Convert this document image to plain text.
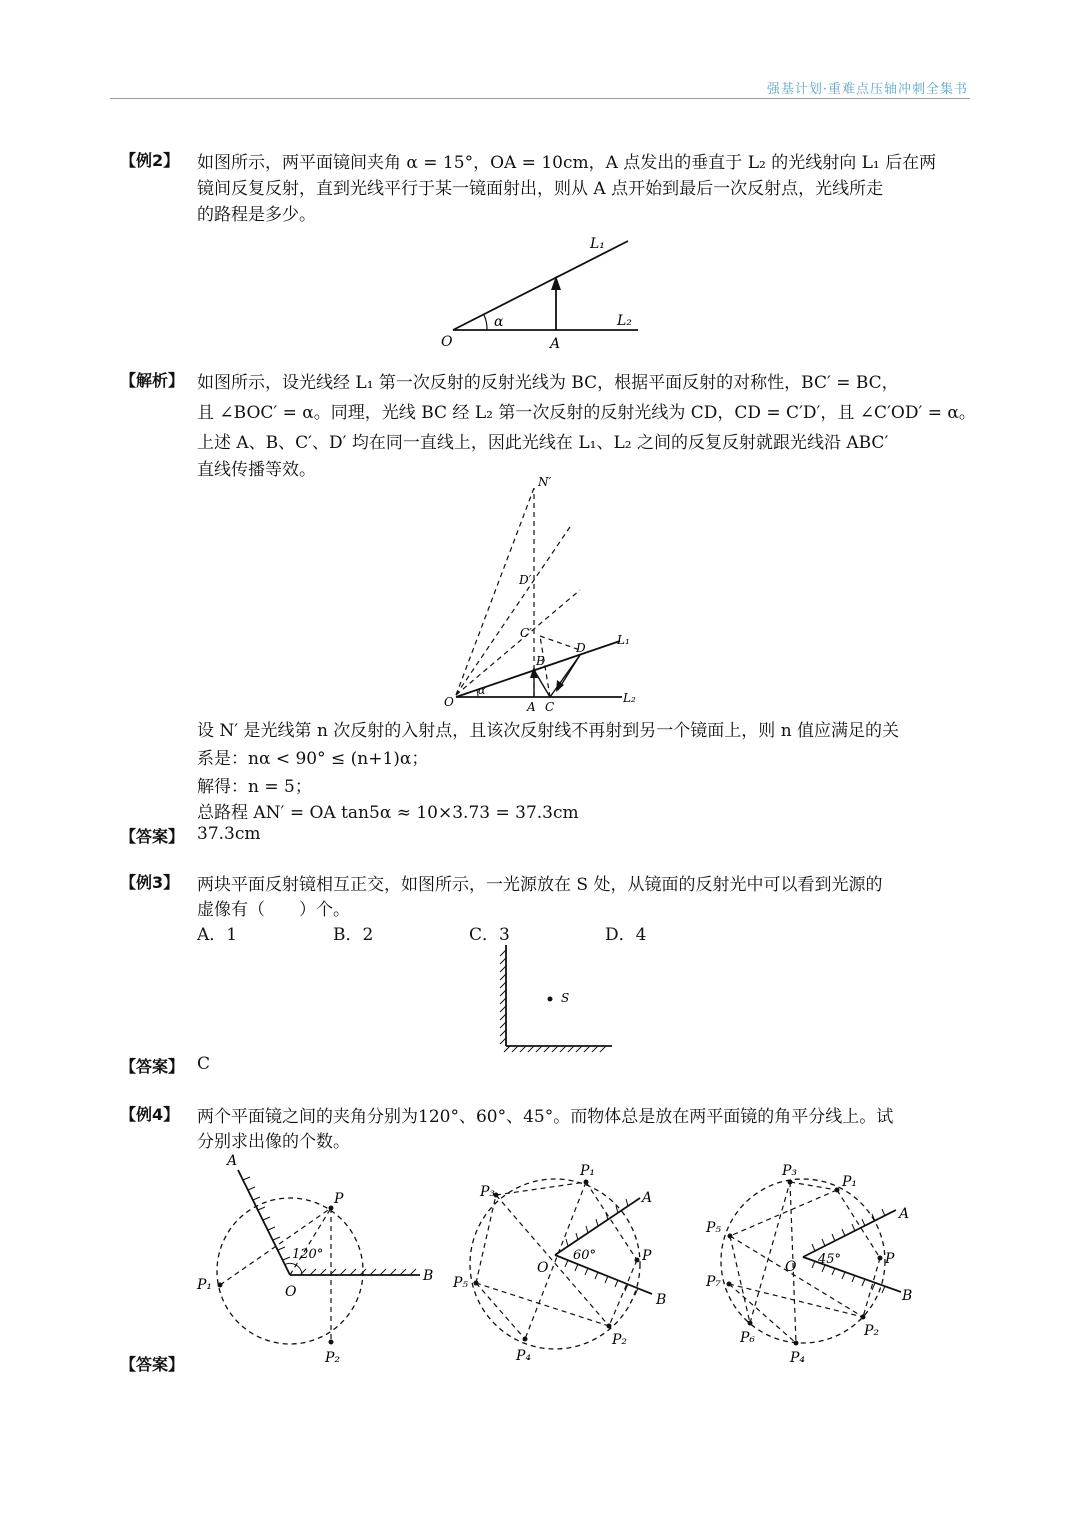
强基计划·重难点压轴冲刺全集书
【例2】 如图所示，两平面镜间夹角 α = 15°，OA = 10cm，A 点发出的垂直于 L₂ 的光线射向 L₁ 后在两
镜间反复反射，直到光线平行于某一镜面射出，则从 A 点开始到最后一次反射点，光线所走
的路程是多少。
L₁
L₂
α
O	A
【解析】 如图所示，设光线经 L₁ 第一次反射的反射光线为 BC，根据平面反射的对称性，BC′ = BC，
且 ∠BOC′ = α。同理，光线 BC 经 L₂ 第一次反射的反射光线为 CD，CD = C′D′，且 ∠C′OD′ = α。
上述 A、B、C′、D′ 均在同一直线上，因此光线在 L₁、L₂ 之间的反复反射就跟光线沿 ABC′
直线传播等效。
N′
D′
C′
B
D
L₁
L₂
O
α
A C
设 N′ 是光线第 n 次反射的入射点，且该次反射线不再射到另一个镜面上，则 n 值应满足的关
系是：nα < 90° ≤ (n+1)α；
解得：n = 5；
总路程 AN′ = OA tan5α ≈ 10×3.73 = 37.3cm
【答案】 37.3cm
【例3】 两块平面反射镜相互正交，如图所示，一光源放在 S 处，从镜面的反射光中可以看到光源的
虚像有（　　）个。
A．1	B．2	C．3	D．4
S
【答案】 C
【例4】 两个平面镜之间的夹角分别为120°、60°、45°。而物体总是放在两平面镜的角平分线上。试
分别求出像的个数。
A
B
O
P
P₁
P₂
120°
A
B
O
P
P₁
P₂
P₃
P₄
P₅
60°
A
B
O	P
P₁
P₂
P₃
P₄
P₅
P₆
P₇
45°
【答案】
